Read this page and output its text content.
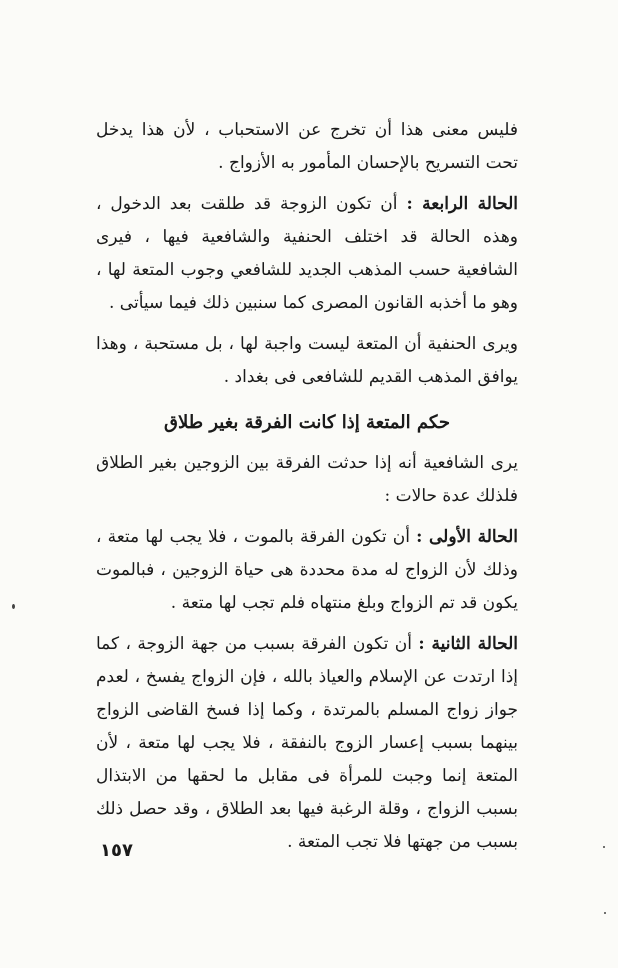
فليس معنى هذا أن تخرج عن الاستحباب ، لأن هذا يدخل تحت التسريح بالإحسان المأمور به الأزواج .

الحالة الرابعة : أن تكون الزوجة قد طلقت بعد الدخول ، وهذه الحالة قد اختلف الحنفية والشافعية فيها ، فيرى الشافعية حسب المذهب الجديد للشافعي وجوب المتعة لها ، وهو ما أخذبه القانون المصرى كما سنبين ذلك فيما سيأتى .

ويرى الحنفية أن المتعة ليست واجبة لها ، بل مستحبة ، وهذا يوافق المذهب القديم للشافعى فى بغداد .

حكم المتعة إذا كانت الفرقة بغير طلاق

يرى الشافعية أنه إذا حدثت الفرقة بين الزوجين بغير الطلاق فلذلك عدة حالات :

الحالة الأولى : أن تكون الفرقة بالموت ، فلا يجب لها متعة ، وذلك لأن الزواج له مدة محددة هى حياة الزوجين ، فبالموت يكون قد تم الزواج وبلغ منتهاه فلم تجب لها متعة .

الحالة الثانية : أن تكون الفرقة بسبب من جهة الزوجة ، كما إذا ارتدت عن الإسلام والعياذ بالله ، فإن الزواج يفسخ ، لعدم جواز زواج المسلم بالمرتدة ، وكما إذا فسخ القاضى الزواج بينهما بسبب إعسار الزوج بالنفقة ، فلا يجب لها متعة ، لأن المتعة إنما وجبت للمرأة فى مقابل ما لحقها من الابتذال بسبب الزواج ، وقلة الرغبة فيها بعد الطلاق ، وقد حصل ذلك بسبب من جهتها فلا تجب المتعة .

١٥٧
